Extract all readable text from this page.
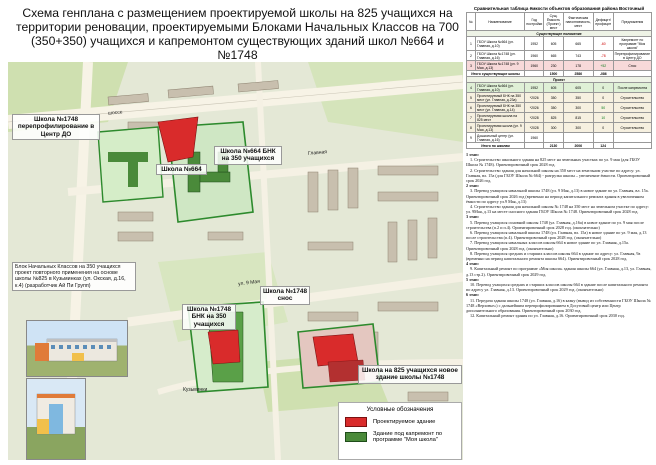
Схема генплана с размещением проектируемой школы на 825 учащихся на территории реновации, проектируемыми Блоками Начальных Классов на 700 (350+350) учащихся и капремонтом существующих зданий школ №664 и №1748
шоссе
Главная
ул. 9 Мая
Кузьминки
Школа №1748 перепрофилирование в Центр ДО
Школа №664 БНК на 350 учащихся
Школа №664
Школа №1748 БНК на 350 учащихся
Школа №1748 снос
Школа на 825 учащихся новое здание школы №1748
Блок Начальных Классов на 350 учащихся проект повторного применения на основе школы №825 в Кузьминках (ул. Окская, д.16, к.4) (разработчик Ай Пи Групп)
Условные обозначения
Проектируемое здание
Здание под капремонт по программе "Моя школа"
Сравнительная таблица ёмкости объектов образования района Восточный
№	Наименование	Год постройки	Сущ. Ёмкость (Проект.) мест	Фактическая наполняемость, мест	Дефицит/ профицит	Предложения
Существующее положение						
1	ГБОУ Школа №664 (ул. Главная, д.10)	1952	605	665	-60	Капремонт по программе "Моя школа"
2	ГБОУ Школа №1748 (ул. Главная, д.16)	1960	665	743	-78	Перепрофилирование в Центр ДО
3	ГБОУ Школа №1748 (ул. 9 Мая, д.13)	1960	230	178	+52	Снос
Итого существующие школы			1500	2586	-086	
Проект						
4	ГБОУ Школа №664 (ул. Главная, д.10)	1952	605	605	0	После капремонта
5	Проектируемый БНК на 350 мест (ул. Главная, д.23а)	*2026	350	350	0	Строительство
6	Проектируемый БНК на 350 мест (ул. Главная, д.14)	*2026	350	300	50	Строительство
7	Проектируемая школа на 825 мест	*2028	825	815	10	Строительство
8	Проектируемая школа (ул. 9 Мая, д.13)	*2028	300	300	0	Строительство
9	Дошкольный центр (ул. Главная, д.16)	1960				
Итого по школам			2130	2006	124	
1 этап:
1. Строительство школьного здания на 825 мест на земельных участках по ул. 9 мая (для ГБОУ Школа № 1748). Ориентировочный срок 2028 год.
2. Строительство здания для начальной школы на 350 мест на земельном участке по адресу: ул. Главная, вл. 15а (для ГБОУ Школа № 664) - разгрузка школы – увеличение ёмкости. Ориентировочный срок 2026 год.
2 этап:
3. Перевод учащихся начальной школы 1748 (ул. 9 Мая, д.13) в новое здание по ул. Главная, вл. 15а. Ориентировочный срок 2026 год (временно на период капитального ремонта здания в увеличенном ёмкости по адресу ул.9 Мая, д.13)
4. Строительство здания для начальной школы № 1748 на 350 мест на земельном участке по адресу: ул. 9Мая, д.13 на месте сносного здания ГБОУ Школа № 1748. Ориентировочный срок 2028 год.
3 этап:
5. Перевод учащихся основной школы 1748 (ул. Главная, д.16а) в новое здание по ул. 9 мая после строительства (п.2 и п.4). Ориентировочный срок 2028 год. (окончательно)
6. Перевод учащихся начальной школы 1748 (ул. Главная, вл. 15а) в новое здание по ул. 9 мая, д.13 после строительства (п.4). Ориентировочный срок 2028 год. (окончательно)
7. Перевод учащихся начальных классов школы 664 в новое здание по ул. Главная, д.15а. Ориентировочный срок 2028 год. (окончательно)
8. Перевод учащихся средних и старших классов школы 664 в здание по адресу: ул. Главная, 9а (временно на период капитального ремонта школы 664). Ориентировочный срок 2028 год.
4 этап:
9. Капитальный ремонт по программе «Моя школа» здания школы 664 (ул. Главная, д.13, ул. Главная, д.13 стр.2). Ориентировочный срок 2029 год.
5 этап:
10. Перевод учащихся средних и старших классов школы 664 в здание после капитального ремонта по адресу ул. Главная, д.13. Ориентировочный срок 2029 год. (окончательно)
6 этап:
11. Передача здания школы 1748 (ул. Главная, д.16) в казну (вывод из собственности ГБОУ Школа № 1748 «Верховье») с дальнейшим перепрофилированием в Досуговый центр или Центр дополнительного образования. Ориентировочный срок 2030 год.
12. Капитальный ремонт здания по ул. Главная, д.16. Ориентировочный срок 2030 год.
